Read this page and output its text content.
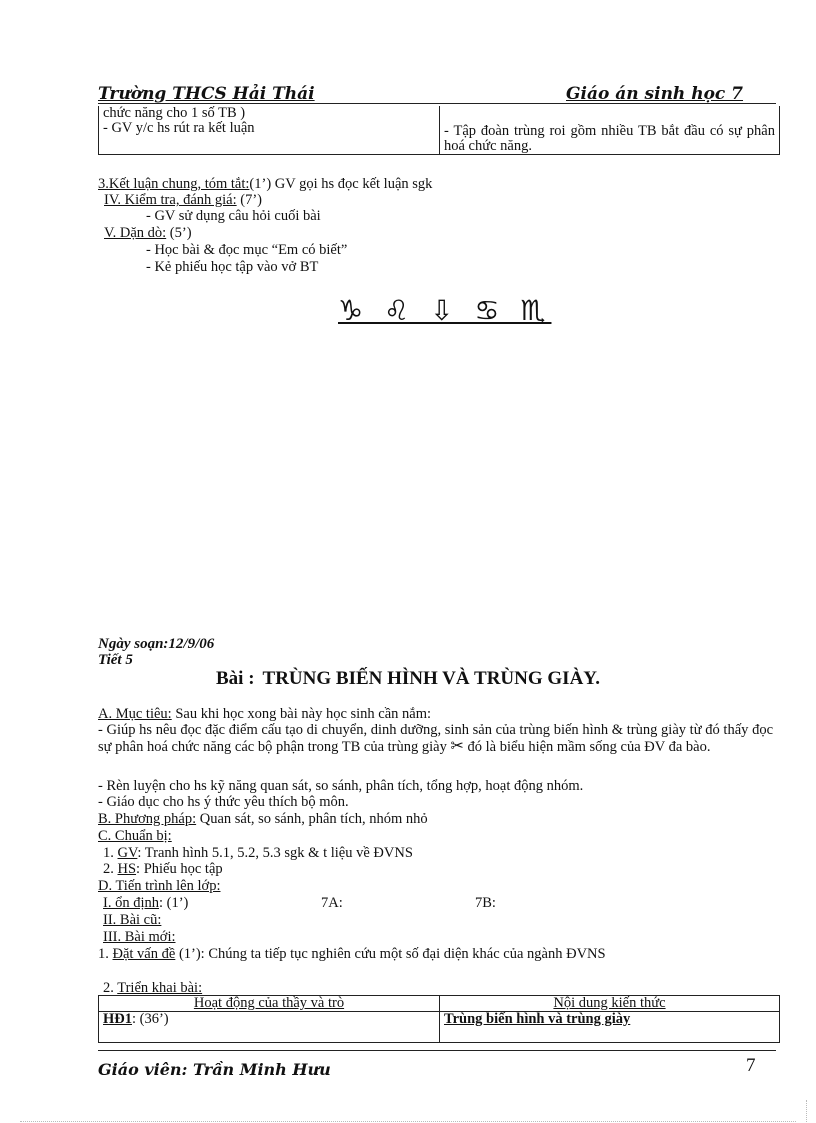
Trường THCS Hải Thái	Giáo án sinh học 7
chức năng cho 1 số TB )	
- GV y/c hs rút ra kết luận	- Tập đoàn trùng roi gồm nhiều TB bắt đầu có sự phân hoá chức năng.
3.Kết luận chung, tóm tắt:(1’) GV gọi hs đọc kết luận sgk
IV. Kiểm tra, đánh giá: (7’)
- GV sử dụng câu hỏi cuối bài
V. Dặn dò: (5’)
- Học bài & đọc mục “Em có biết”
- Kẻ phiếu học tập vào vở BT
♑ ♌ ⇩ ♋ ♏
Ngày soạn:12/9/06
Tiết 5
Bài : TRÙNG BIẾN HÌNH VÀ TRÙNG GIÀY.
A. Mục tiêu: Sau khi học xong bài này học sinh cần nắm:
- Giúp hs nêu đọc đặc điểm cấu tạo di chuyển, dinh dưỡng, sinh sản của trùng biến hình & trùng giày từ đó thấy đọc sự phân hoá chức năng các bộ phận trong TB của trùng giày ✂ đó là biểu hiện mầm sống của ĐV đa bào.
- Rèn luyện cho hs kỹ năng quan sát, so sánh, phân tích, tổng hợp, hoạt động nhóm.
- Giáo dục cho hs ý thức yêu thích bộ môn.
B. Phương pháp: Quan sát, so sánh, phân tích, nhóm nhỏ
C. Chuẩn bị:
1. GV: Tranh hình 5.1, 5.2, 5.3 sgk & t liệu về ĐVNS
2. HS: Phiếu học tập
D. Tiến trình lên lớp:
I. ổn định: (1’)	7A:	7B:
II. Bài cũ:
III. Bài mới:
1. Đặt vấn đề (1’): Chúng ta tiếp tục nghiên cứu một số đại diện khác của ngành ĐVNS
2. Triển khai bài:
Hoạt động của thầy và trò	Nội dung kiến thức
HĐ1: (36’)	Trùng biến hình và trùng giày
Giáo viên: Trần Minh Hưu	7
